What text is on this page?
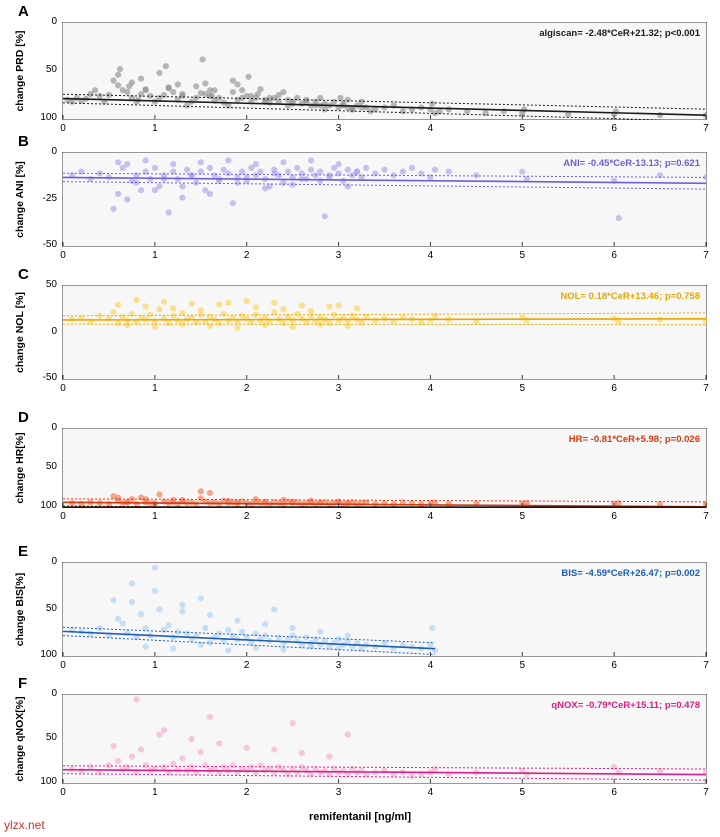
remifentanil [ng/ml]
ylzx.net
A
change PRD [%]	algiscan= -2.48*CeR+21.32; p<0.001
0
50
100
0	1	2	3	4	5	6	7
B
change ANI [%]	ANI= -0.45*CeR-13.13; p=0.621
0
-25
-50
0	1	2	3	4	5	6	7
C
change NOL [%]	NOL= 0.18*CeR+13.46; p=0.758
50
0
-50
0	1	2	3	4	5	6	7
D
change HR[%]	HR= -0.81*CeR+5.98; p=0.026
0
50
100
0	1	2	3	4	5	6	7
E
change BIS[%]	BIS= -4.59*CeR+26.47; p=0.002
0
50
100
0	1	2	3	4	5	6	7
F
change qNOX[%]	qNOX= -0.79*CeR+15.11; p=0.478
0
50
100
0	1	2	3	4	5	6	7
